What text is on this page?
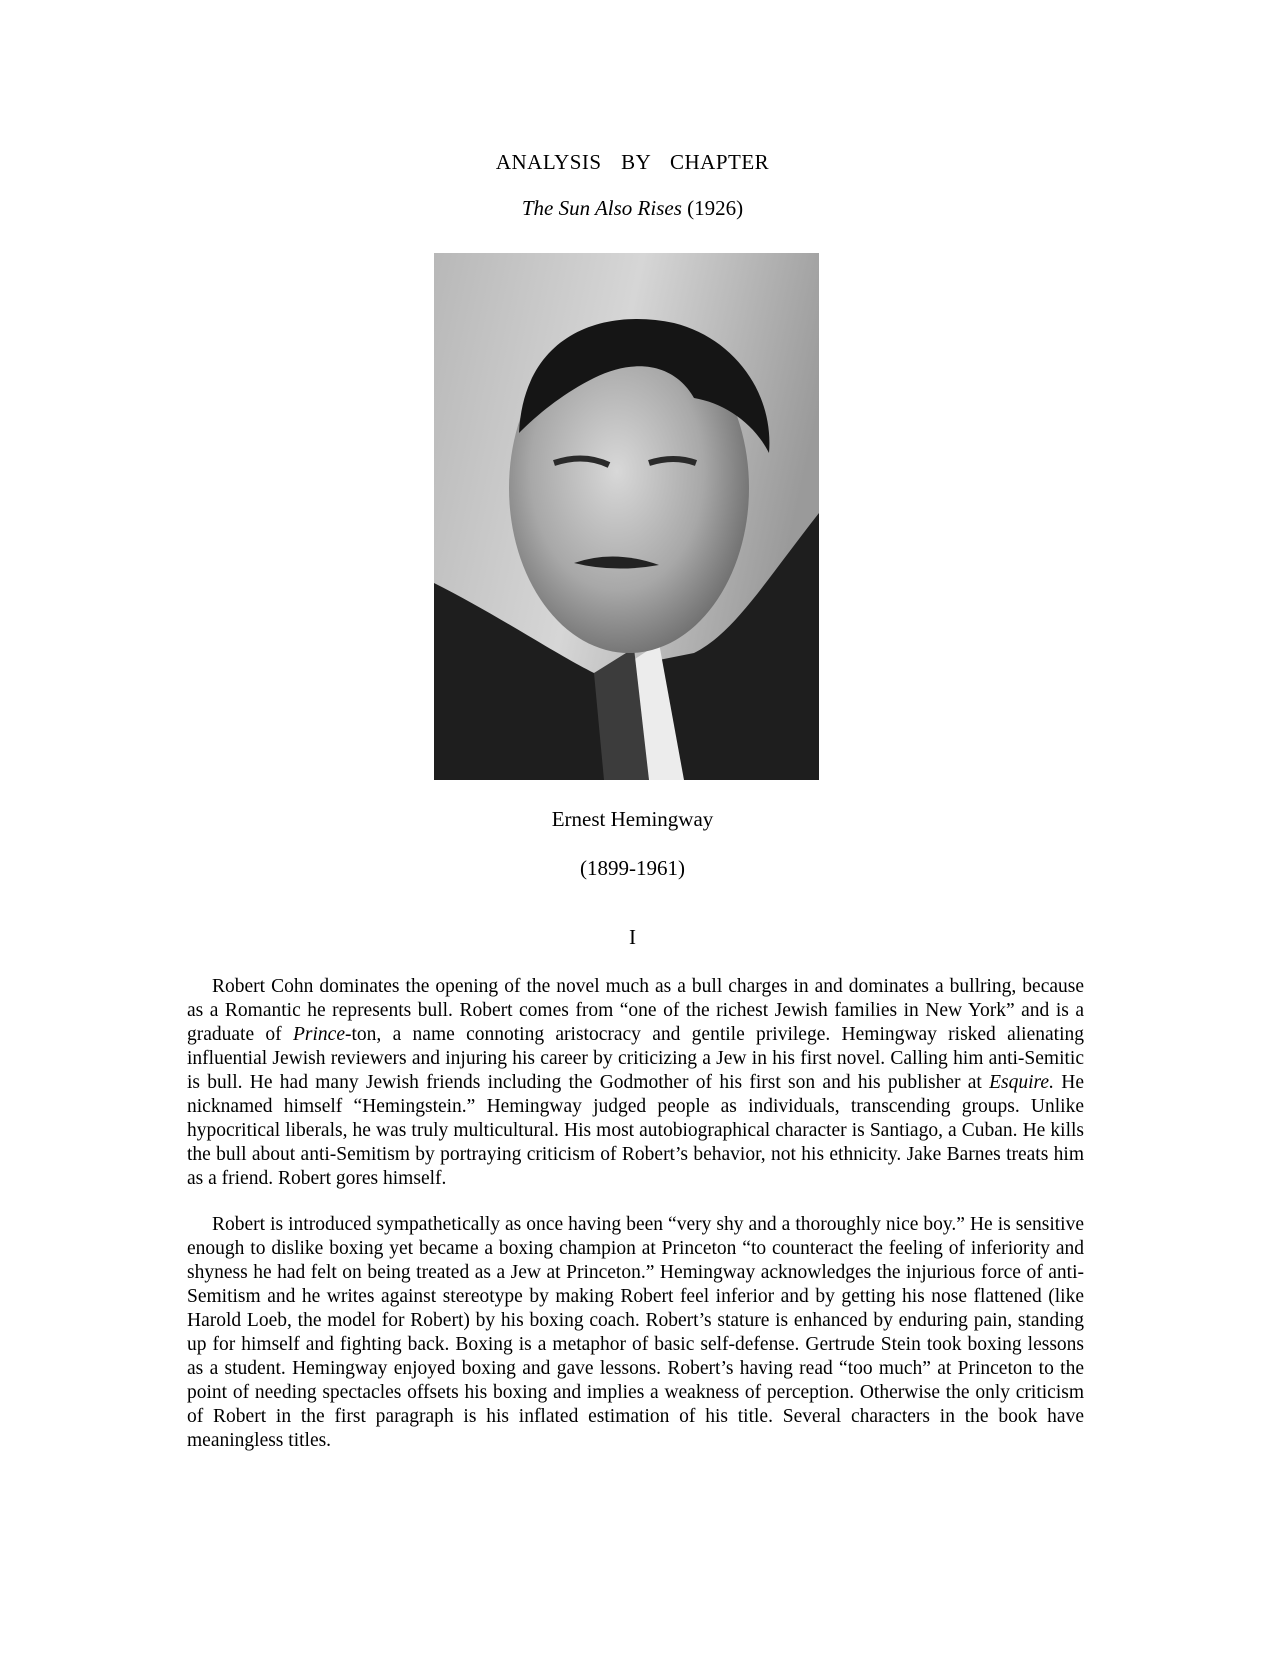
ANALYSIS  BY  CHAPTER
The Sun Also Rises (1926)
Ernest Hemingway
(1899-1961)
I

Robert Cohn dominates the opening of the novel much as a bull charges in and dominates a bullring, because as a Romantic he represents bull. Robert comes from “one of the richest Jewish families in New York” and is a graduate of Prince-ton, a name connoting aristocracy and gentile privilege. Hemingway risked alienating influential Jewish reviewers and injuring his career by criticizing a Jew in his first novel. Calling him anti-Semitic is bull. He had many Jewish friends including the Godmother of his first son and his publisher at Esquire. He nicknamed himself “Hemingstein.” Hemingway judged people as individuals, transcending groups. Unlike hypocritical liberals, he was truly multicultural. His most autobiographical character is Santiago, a Cuban. He kills the bull about anti-Semitism by portraying criticism of Robert’s behavior, not his ethnicity. Jake Barnes treats him as a friend. Robert gores himself.

Robert is introduced sympathetically as once having been “very shy and a thoroughly nice boy.” He is sensitive enough to dislike boxing yet became a boxing champion at Princeton “to counteract the feeling of inferiority and shyness he had felt on being treated as a Jew at Princeton.” Hemingway acknowledges the injurious force of anti-Semitism and he writes against stereotype by making Robert feel inferior and by getting his nose flattened (like Harold Loeb, the model for Robert) by his boxing coach. Robert’s stature is enhanced by enduring pain, standing up for himself and fighting back. Boxing is a metaphor of basic self-defense. Gertrude Stein took boxing lessons as a student. Hemingway enjoyed boxing and gave lessons. Robert’s having read “too much” at Princeton to the point of needing spectacles offsets his boxing and implies a weakness of perception. Otherwise the only criticism of Robert in the first paragraph is his inflated estimation of his title. Several characters in the book have meaningless titles.
